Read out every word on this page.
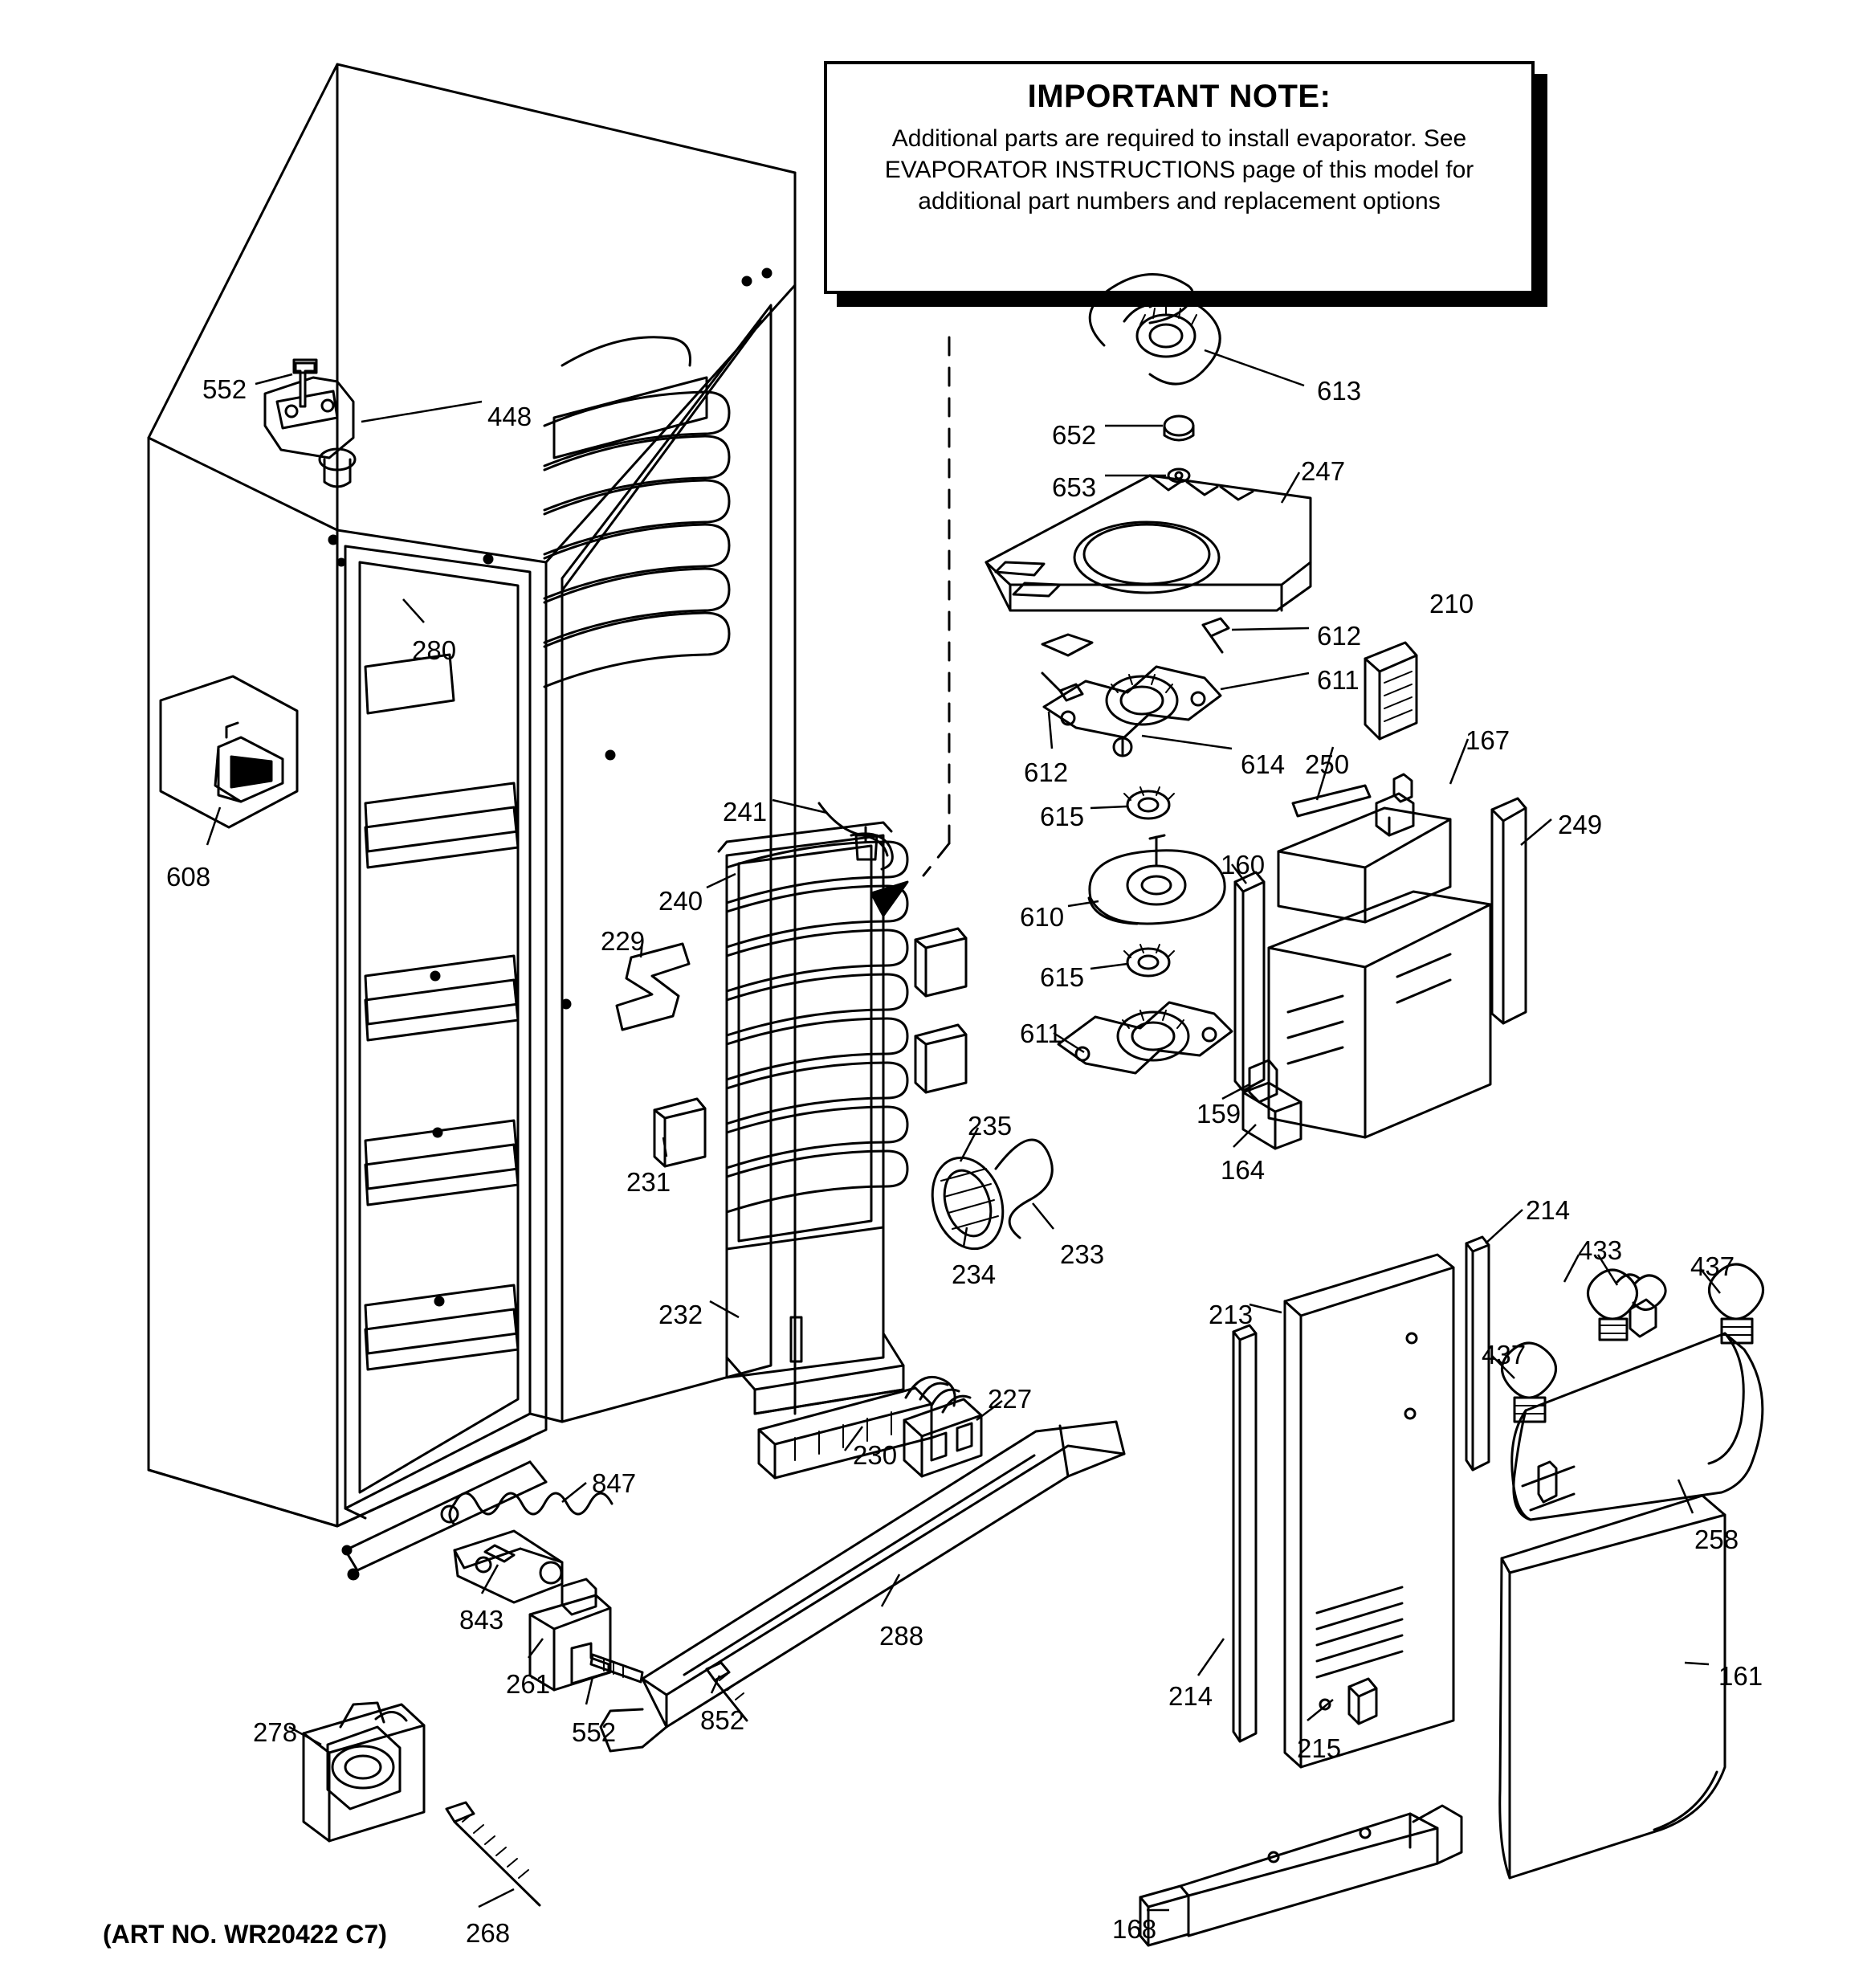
IMPORTANT NOTE:
Additional parts are required to install evaporator. See EVAPORATOR INSTRUCTIONS page of this model for additional part numbers and replacement options
552
448
280
608
241
240
229
231
232
230
227
235
233
234
288
847
843
261
552	852
278
268
613
652
653
247
612
611
612	614
210
250
167
249
615
610
615
611
160
159
164
214
433
437
437
213
258
161
214
215
168
(ART NO. WR20422 C7)
